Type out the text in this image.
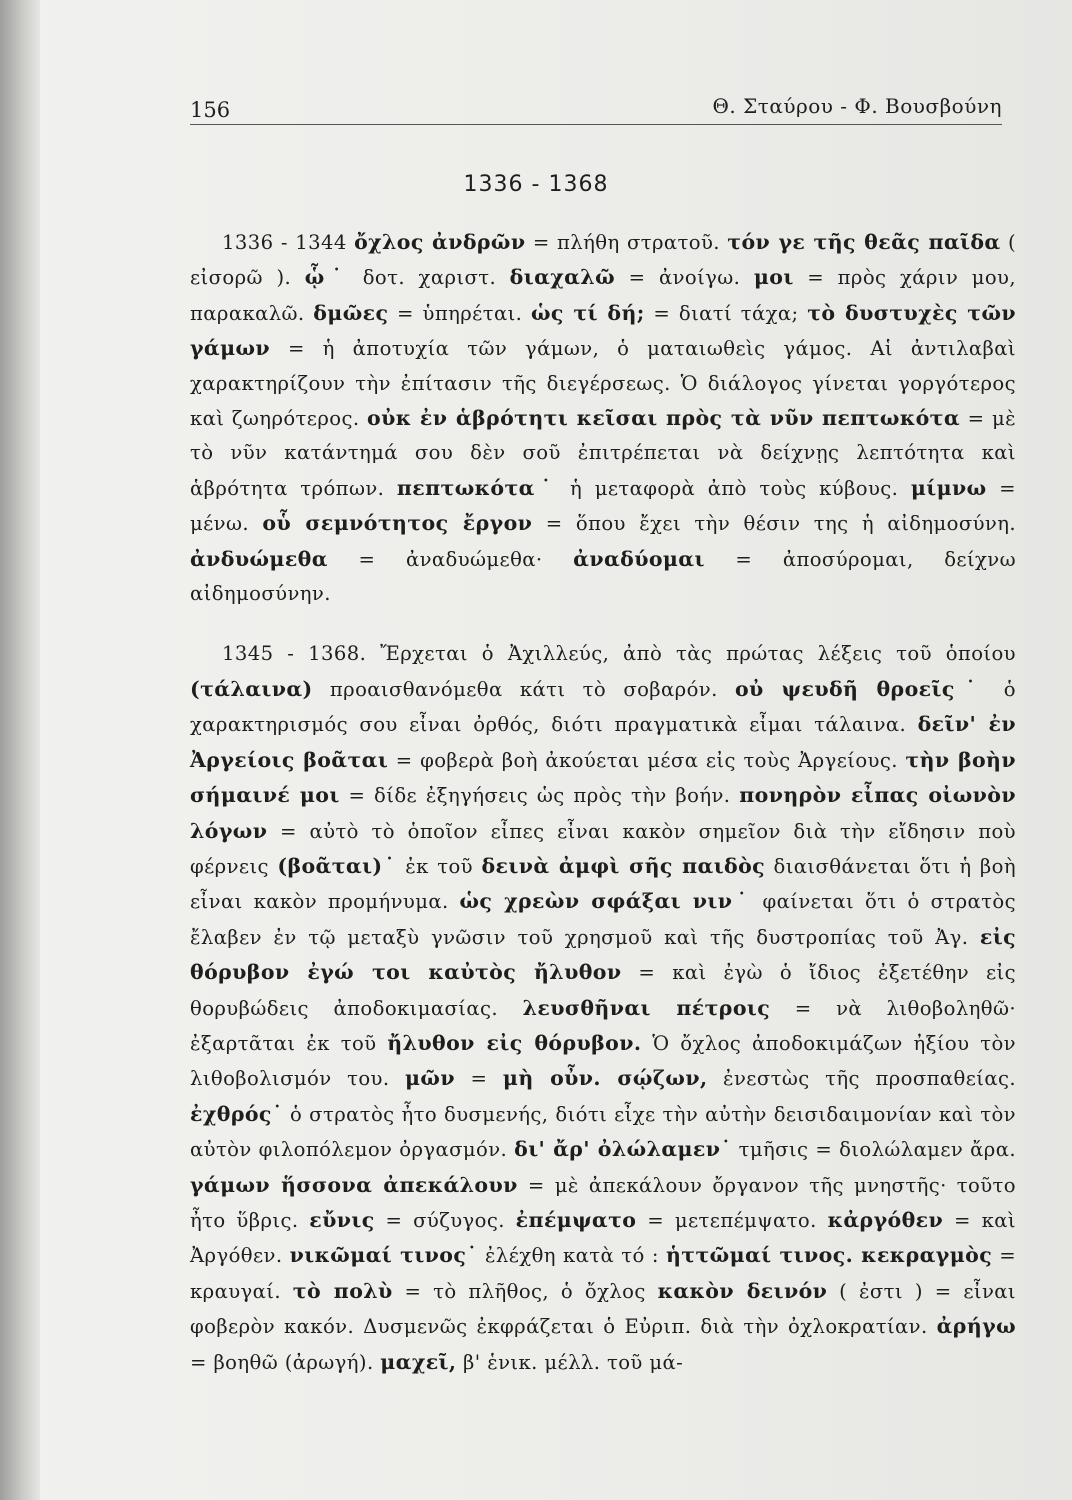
156	Θ. Σταύρου - Φ. Βουσβούνη
1336 - 1368

1336 - 1344 ὄχλος ἀνδρῶν = πλήθη στρατοῦ. τόν γε τῆς θεᾶς παῖδα ( εἰσορῶ ). ᾧ˙ δοτ. χαριστ. διαχαλῶ = ἀνοίγω. μοι = πρὸς χάριν μου, παρακαλῶ. δμῶες = ὑπηρέται. ὡς τί δή; = διατί τάχα; τὸ δυστυχὲς τῶν γάμων = ἡ ἀποτυχία τῶν γάμων, ὁ ματαιωθεὶς γάμος. Αἱ ἀντιλαβαὶ χαρακτηρίζουν τὴν ἐπίτασιν τῆς διεγέρσεως. Ὁ διάλογος γίνεται γοργότερος καὶ ζωηρότερος. οὐκ ἐν ἁβρότητι κεῖσαι πρὸς τὰ νῦν πεπτωκότα = μὲ τὸ νῦν κατάντημά σου δὲν σοῦ ἐπιτρέπεται νὰ δείχνῃς λεπτότητα καὶ ἁβρότητα τρόπων. πεπτωκότα˙ ἡ μεταφορὰ ἀπὸ τοὺς κύβους. μίμνω = μένω. οὗ σεμνότητος ἔργον = ὅπου ἔχει τὴν θέσιν της ἡ αἰδημοσύνη. ἀνδυώμεθα = ἀναδυώμεθα· ἀναδύομαι = ἀποσύρομαι, δείχνω αἰδημοσύνην.

1345 - 1368. Ἔρχεται ὁ Ἀχιλλεύς, ἀπὸ τὰς πρώτας λέξεις τοῦ ὁποίου (τάλαινα) προαισθανόμεθα κάτι τὸ σοβαρόν. οὐ ψευδῆ θροεῖς˙ ὁ χαρακτηρισμός σου εἶναι ὀρθός, διότι πραγματικὰ εἶμαι τάλαινα. δεῖν' ἐν Ἀργείοις βοᾶται = φοβερὰ βοὴ ἀκούεται μέσα εἰς τοὺς Ἀργείους. τὴν βοὴν σήμαινέ μοι = δίδε ἐξηγήσεις ὡς πρὸς τὴν βοήν. πονηρὸν εἶπας οἰωνὸν λόγων = αὐτὸ τὸ ὁποῖον εἶπες εἶναι κακὸν σημεῖον διὰ τὴν εἴδησιν ποὺ φέρνεις (βοᾶται)˙ ἐκ τοῦ δεινὰ ἀμφὶ σῆς παιδὸς διαισθάνεται ὅτι ἡ βοὴ εἶναι κακὸν προμήνυμα. ὡς χρεὼν σφάξαι νιν˙ φαίνεται ὅτι ὁ στρατὸς ἔλαβεν ἐν τῷ μεταξὺ γνῶσιν τοῦ χρησμοῦ καὶ τῆς δυστροπίας τοῦ Ἀγ. εἰς θόρυβον ἐγώ τοι καὐτὸς ἤλυθον = καὶ ἐγὼ ὁ ἴδιος ἐξετέθην εἰς θορυβώδεις ἀποδοκιμασίας. λευσθῆναι πέτροις = νὰ λιθοβοληθῶ· ἐξαρτᾶται ἐκ τοῦ ἤλυθον εἰς θόρυβον. Ὁ ὄχλος ἀποδοκιμάζων ἠξίου τὸν λιθοβολισμόν του. μῶν = μὴ οὖν. σῴζων, ἐνεστὼς τῆς προσπαθείας. ἐχθρός˙ ὁ στρατὸς ἦτο δυσμενής, διότι εἶχε τὴν αὐτὴν δεισιδαιμονίαν καὶ τὸν αὐτὸν φιλοπόλεμον ὀργασμόν. δι' ἄρ' ὀλώλαμεν˙ τμῆσις = διολώλαμεν ἄρα. γάμων ἥσσονα ἀπεκάλουν = μὲ ἀπεκάλουν ὄργανον τῆς μνηστῆς· τοῦτο ἦτο ὕβρις. εὔνις = σύζυγος. ἐπέμψατο = μετεπέμψατο. κἀργόθεν = καὶ Ἀργόθεν. νικῶμαί τινος˙ ἐλέχθη κατὰ τό : ἡττῶμαί τινος. κεκραγμὸς = κραυγαί. τὸ πολὺ = τὸ πλῆθος, ὁ ὄχλος κακὸν δεινόν ( ἐστι ) = εἶναι φοβερὸν κακόν. Δυσμενῶς ἐκφράζεται ὁ Εὐριπ. διὰ τὴν ὀχλοκρατίαν. ἀρήγω = βοηθῶ (ἀρωγή). μαχεῖ, β' ἑνικ. μέλλ. τοῦ μά-
